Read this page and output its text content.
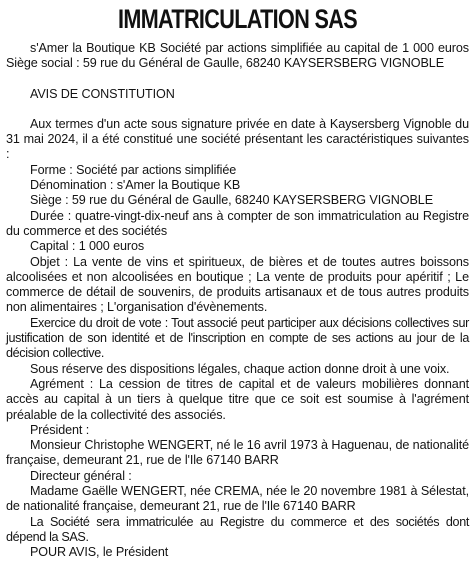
IMMATRICULATION SAS

s'Amer la Boutique KB Société par actions simplifiée au capital de 1 000 euros Siège social : 59 rue du Général de Gaulle, 68240 KAYSERSBERG VIGNOBLE

AVIS DE CONSTITUTION

Aux termes d'un acte sous signature privée en date à Kaysersberg Vignoble du 31 mai 2024, il a été constitué une société présentant les caractéristiques suivantes :

Forme : Société par actions simplifiée

Dénomination : s'Amer la Boutique KB

Siège : 59 rue du Général de Gaulle, 68240 KAYSERSBERG VIGNOBLE

Durée : quatre-vingt-dix-neuf ans à compter de son immatriculation au Registre du commerce et des sociétés

Capital : 1 000 euros

Objet : La vente de vins et spiritueux, de bières et de toutes autres boissons alcoolisées et non alcoolisées en boutique ; La vente de produits pour apéritif ; Le commerce de détail de souvenirs, de produits artisanaux et de tous autres produits non alimentaires ; L'organisation d'évènements.

Exercice du droit de vote : Tout associé peut participer aux décisions collectives sur justification de son identité et de l'inscription en compte de ses actions au jour de la décision collective.

Sous réserve des dispositions légales, chaque action donne droit à une voix.

Agrément : La cession de titres de capital et de valeurs mobilières donnant accès au capital à un tiers à quelque titre que ce soit est soumise à l'agrément préalable de la collectivité des associés.

Président :

Monsieur Christophe WENGERT, né le 16 avril 1973 à Haguenau, de nationalité française, demeurant 21, rue de l'Ile 67140 BARR

Directeur général :

Madame Gaëlle WENGERT, née CREMA, née le 20 novembre 1981 à Sélestat, de nationalité française, demeurant 21, rue de l'Ile 67140 BARR

La Société sera immatriculée au Registre du commerce et des sociétés dont dépend la SAS.

POUR AVIS, le Président
